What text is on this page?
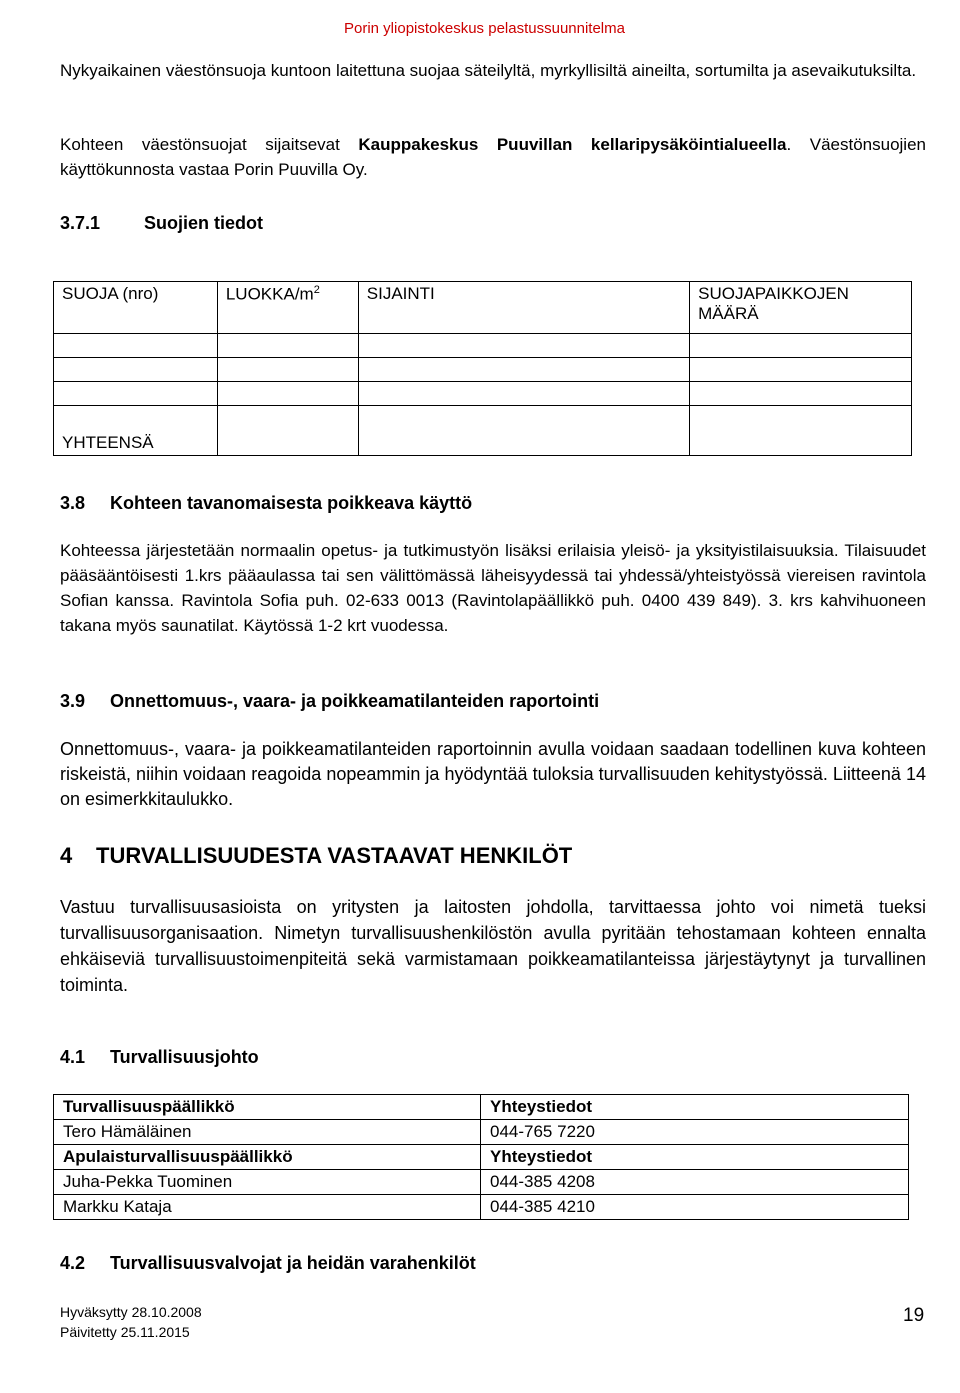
Porin yliopistokeskus pelastussuunnitelma
Nykyaikainen väestönsuoja kuntoon laitettuna suojaa säteilyltä, myrkyllisiltä aineilta, sortumilta ja asevaikutuksilta.
Kohteen väestönsuojat sijaitsevat Kauppakeskus Puuvillan kellaripysäköintialueella. Väestönsuojien käyttökunnosta vastaa Porin Puuvilla Oy.
3.7.1 Suojien tiedot
SUOJA (nro)	LUOKKA/$m^2$	SIJAINTI	SUOJAPAIKKOJEN MÄÄRÄ

YHTEENSÄ			
3.8 Kohteen tavanomaisesta poikkeava käyttö
Kohteessa järjestetään normaalin opetus- ja tutkimustyön lisäksi erilaisia yleisö- ja yksityistilaisuuksia. Tilaisuudet pääsääntöisesti 1.krs pääaulassa tai sen välittömässä läheisyydessä tai yhdessä/yhteistyössä viereisen ravintola Sofian kanssa. Ravintola Sofia puh. 02-633 0013 (Ravintolapäällikkö puh. 0400 439 849). 3. krs kahvihuoneen takana myös saunatilat. Käytössä 1-2 krt vuodessa.
3.9 Onnettomuus-, vaara- ja poikkeamatilanteiden raportointi
Onnettomuus-, vaara- ja poikkeamatilanteiden raportoinnin avulla voidaan saadaan todellinen kuva kohteen riskeistä, niihin voidaan reagoida nopeammin ja hyödyntää tuloksia turvallisuuden kehitystyössä. Liitteenä 14 on esimerkkitaulukko.
4 TURVALLISUUDESTA VASTAAVAT HENKILÖT
Vastuu turvallisuusasioista on yritysten ja laitosten johdolla, tarvittaessa johto voi nimetä tueksi turvallisuusorganisaation. Nimetyn turvallisuushenkilöstön avulla pyritään tehostamaan kohteen ennalta ehkäiseviä turvallisuustoimenpiteitä sekä varmistamaan poikkeamatilanteissa järjestäytynyt ja turvallinen toiminta.
4.1 Turvallisuusjohto
Turvallisuuspäällikkö	Yhteystiedot
Tero Hämäläinen	044-765 7220
Apulaisturvallisuuspäällikkö	Yhteystiedot
Juha-Pekka Tuominen	044-385 4208
Markku Kataja	044-385 4210
4.2 Turvallisuusvalvojat ja heidän varahenkilöt
Hyväksytty 28.10.2008
Päivitetty 25.11.2015
19
